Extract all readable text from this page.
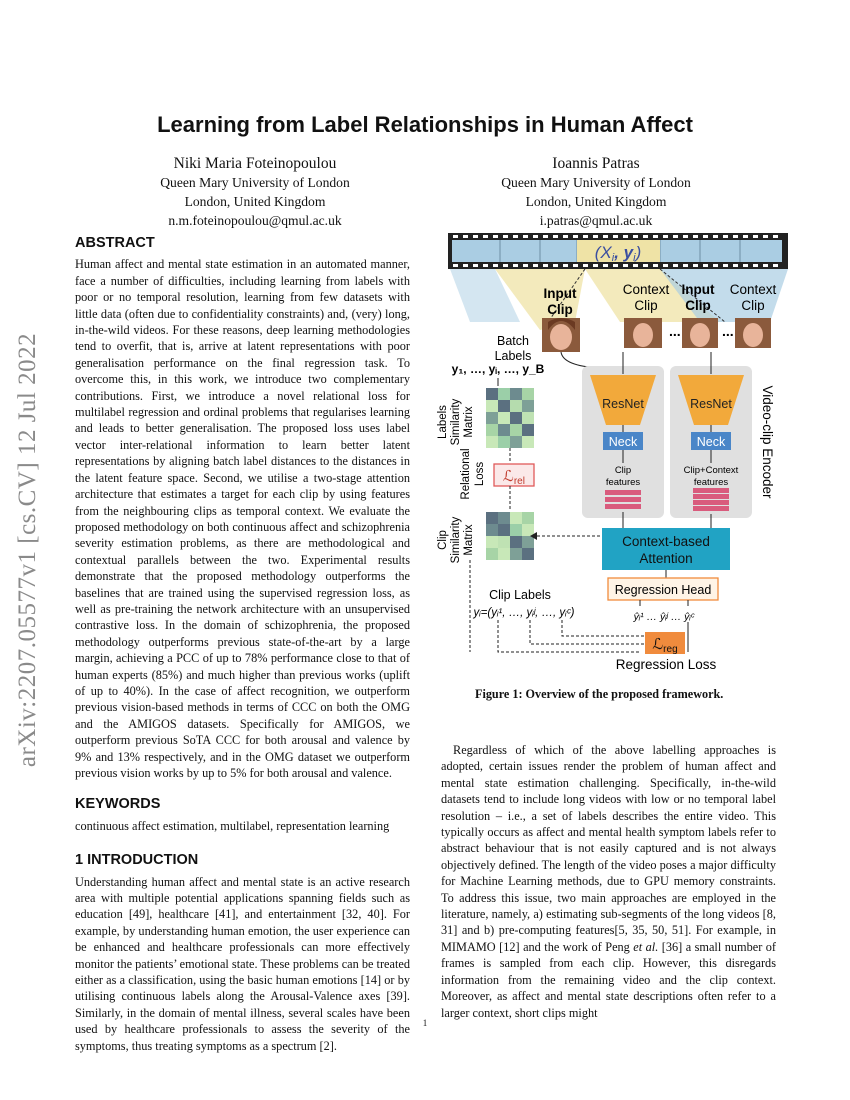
arXiv:2207.05577v1 [cs.CV] 12 Jul 2022
Learning from Label Relationships in Human Affect
Niki Maria Foteinopoulou
Queen Mary University of London
London, United Kingdom
n.m.foteinopoulou@qmul.ac.uk
Ioannis Patras
Queen Mary University of London
London, United Kingdom
i.patras@qmul.ac.uk
ABSTRACT

Human affect and mental state estimation in an automated manner, face a number of difficulties, including learning from labels with poor or no temporal resolution, learning from few datasets with little data (often due to confidentiality constraints) and, (very) long, in-the-wild videos. For these reasons, deep learning methodologies tend to overfit, that is, arrive at latent representations with poor generalisation performance on the final regression task. To overcome this, in this work, we introduce two complementary contributions. First, we introduce a novel relational loss for multilabel regression and ordinal problems that regularises learning and leads to better generalisation. The proposed loss uses label vector inter-relational information to learn better latent representations by aligning batch label distances to the distances in the latent feature space. Second, we utilise a two-stage attention architecture that estimates a target for each clip by using features from the neighbouring clips as temporal context. We evaluate the proposed methodology on both continuous affect and schizophrenia severity estimation problems, as there are methodological and contextual parallels between the two. Experimental results demonstrate that the proposed methodology outperforms the baselines that are trained using the supervised regression loss, as well as pre-training the network architecture with an unsupervised contrastive loss. In the domain of schizophrenia, the proposed methodology outperforms previous state-of-the-art by a large margin, achieving a PCC of up to 78% performance close to that of human experts (85%) and much higher than previous works (uplift of up to 40%). In the case of affect recognition, we outperform previous vision-based methods in terms of CCC on both the OMG and the AMIGOS datasets. Specifically for AMIGOS, we outperform previous SoTA CCC for both arousal and valence by 9% and 13% respectively, and in the OMG dataset we outperform previous vision works by up to 5% for both arousal and valence.

KEYWORDS

continuous affect estimation, multilabel, representation learning

1 INTRODUCTION

Understanding human affect and mental state is an active research area with multiple potential applications spanning fields such as education [49], healthcare [41], and entertainment [32, 40]. For example, by understanding human emotion, the user experience can be enhanced and healthcare professionals can more effectively monitor the patients’ emotional state. These problems can be treated either as a classification, using the basic human emotions [14] or by utilising continuous labels along the Arousal-Valence axes [39]. Similarly, in the domain of mental illness, several scales have been used by healthcare professionals to assess the severity of the symptoms, thus treating symptoms as a spectrum [2].

Regardless of which of the above labelling approaches is adopted, certain issues render the problem of human affect and mental state estimation challenging. Specifically, in-the-wild datasets tend to include long videos with low or no temporal label resolution – i.e., a set of labels describes the entire video. This typically occurs as affect and mental health symptom labels refer to abstract behaviour that is not easily captured and is not always objectively defined. The length of the video poses a major difficulty for Machine Learning methods, due to GPU memory constraints. To address this issue, two main approaches are employed in the literature, namely, a) estimating sub-segments of the long videos [8, 31] and b) pre-computing features[5, 35, 50, 51]. For example, in MIMAMO [12] and the work of Peng et al. [36] a small number of frames is sampled from each clip. However, this disregards information from the remaining video and the clip context. Moreover, as affect and mental state descriptions often refer to a larger context, short clips might

(Xi, yi)
Input Clip
Context Clip
Input Clip
Context Clip
...	...
Batch Labels
y₁, …, yᵢ, …, y_B
ResNet	ResNet
Neck	Neck
Clip features
Clip+Context features	Video-clip Encoder
LabelsSimilarityMatrix
Relational Loss ℒ$_{rel}$
ClipSimilarityMatrix	Context-based Attention
Regression Head
ŷᵢ¹ … ŷᵢʲ … ŷᵢᶜ
Clip Labels
yᵢ=(yᵢ¹, …, yᵢʲ, …, yᵢᶜ)
ℒ$_{reg}$
Regression Loss
Figure 1: Overview of the proposed framework.
1
